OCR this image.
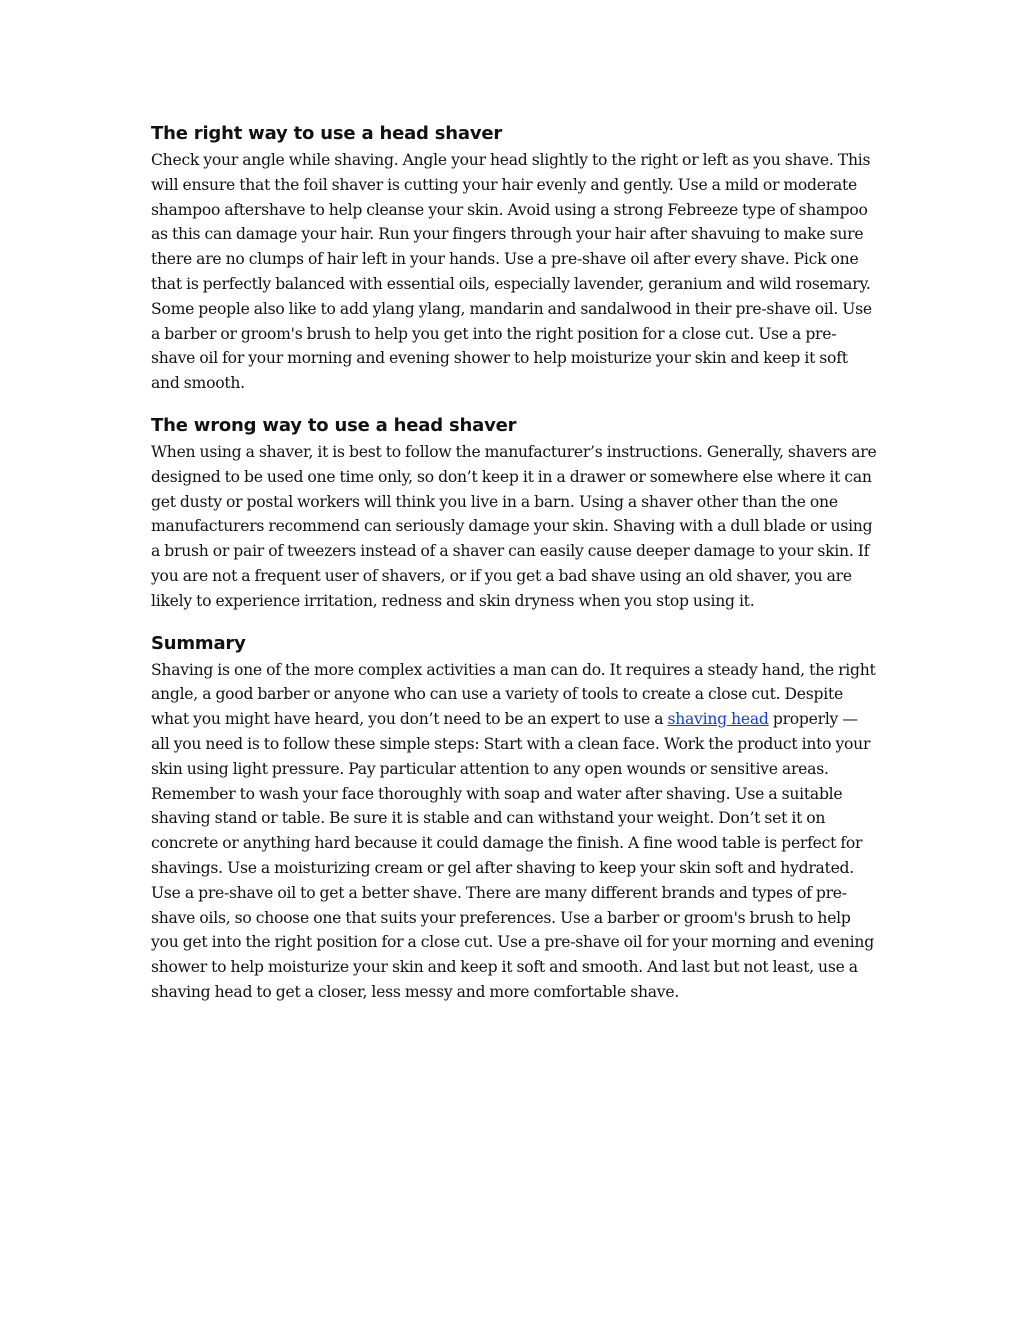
The right way to use a head shaver

Check your angle while shaving. Angle your head slightly to the right or left as you shave. This will ensure that the foil shaver is cutting your hair evenly and gently. Use a mild or moderate shampoo aftershave to help cleanse your skin. Avoid using a strong Febreeze type of shampoo as this can damage your hair. Run your fingers through your hair after shavuing to make sure there are no clumps of hair left in your hands. Use a pre-shave oil after every shave. Pick one that is perfectly balanced with essential oils, especially lavender, geranium and wild rosemary. Some people also like to add ylang ylang, mandarin and sandalwood in their pre-shave oil. Use a barber or groom's brush to help you get into the right position for a close cut. Use a pre-shave oil for your morning and evening shower to help moisturize your skin and keep it soft and smooth.

The wrong way to use a head shaver

When using a shaver, it is best to follow the manufacturer’s instructions. Generally, shavers are designed to be used one time only, so don’t keep it in a drawer or somewhere else where it can get dusty or postal workers will think you live in a barn. Using a shaver other than the one manufacturers recommend can seriously damage your skin. Shaving with a dull blade or using a brush or pair of tweezers instead of a shaver can easily cause deeper damage to your skin. If you are not a frequent user of shavers, or if you get a bad shave using an old shaver, you are likely to experience irritation, redness and skin dryness when you stop using it.

Summary

Shaving is one of the more complex activities a man can do. It requires a steady hand, the right angle, a good barber or anyone who can use a variety of tools to create a close cut. Despite what you might have heard, you don’t need to be an expert to use a shaving head properly — all you need is to follow these simple steps: Start with a clean face. Work the product into your skin using light pressure. Pay particular attention to any open wounds or sensitive areas. Remember to wash your face thoroughly with soap and water after shaving. Use a suitable shaving stand or table. Be sure it is stable and can withstand your weight. Don’t set it on concrete or anything hard because it could damage the finish. A fine wood table is perfect for shavings. Use a moisturizing cream or gel after shaving to keep your skin soft and hydrated. Use a pre-shave oil to get a better shave. There are many different brands and types of pre-shave oils, so choose one that suits your preferences. Use a barber or groom's brush to help you get into the right position for a close cut. Use a pre-shave oil for your morning and evening shower to help moisturize your skin and keep it soft and smooth. And last but not least, use a shaving head to get a closer, less messy and more comfortable shave.
